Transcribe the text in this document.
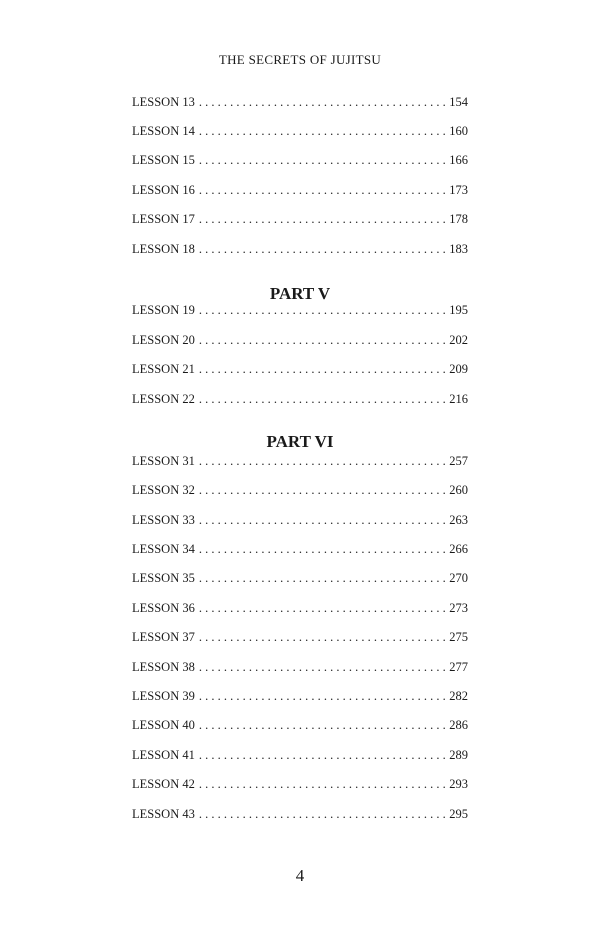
THE SECRETS OF JUJITSU
LESSON 13 . . .	154
LESSON 14 . . .	160
LESSON 15 . . .	166
LESSON 16 . . .	173
LESSON 17 . . .	178
LESSON 18 . . .	183
PART V
LESSON 19 . . .	195
LESSON 20 . . .	202
LESSON 21 . . .	209
LESSON 22 . . .	216
PART VI
LESSON 31 . . .	257
LESSON 32 . . .	260
LESSON 33 . . .	263
LESSON 34 . . .	266
LESSON 35 . . .	270
LESSON 36 . . .	273
LESSON 37 . . .	275
LESSON 38 . . .	277
LESSON 39 . . .	282
LESSON 40 . . .	286
LESSON 41 . . .	289
LESSON 42 . . .	293
LESSON 43 . . .	295
4
